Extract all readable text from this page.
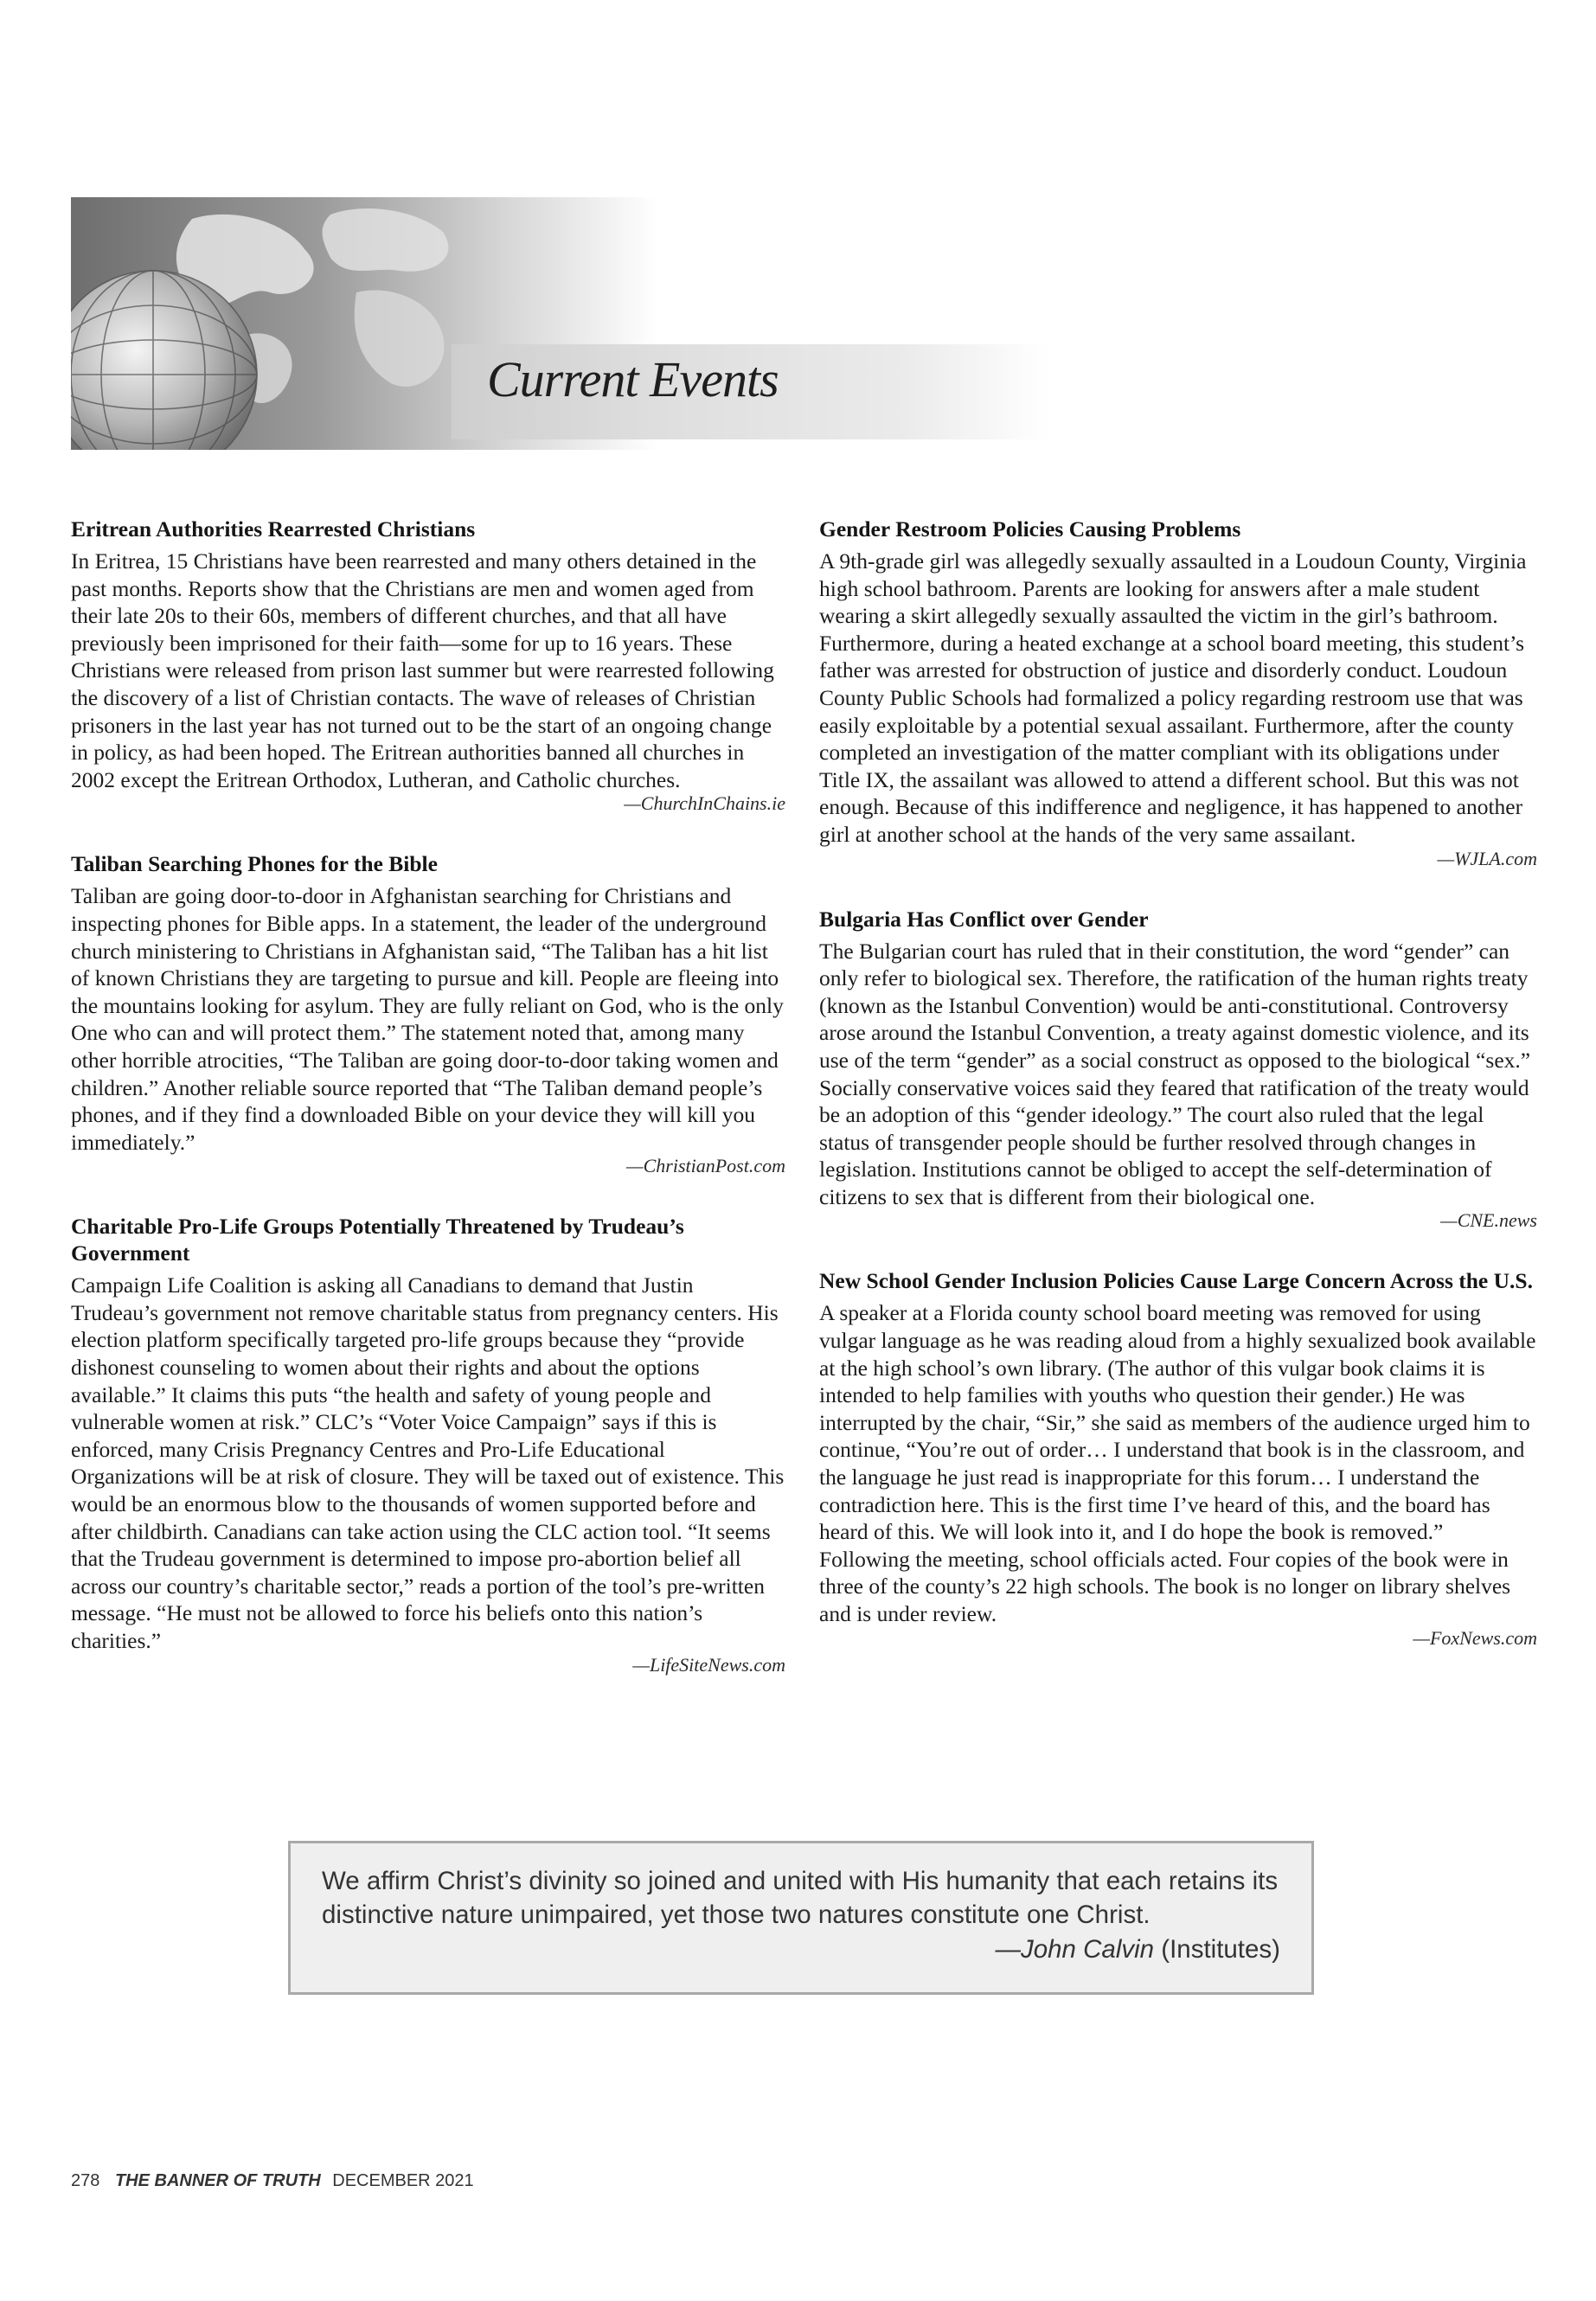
Current Events
Eritrean Authorities Rearrested Christians

In Eritrea, 15 Christians have been rearrested and many others detained in the past months. Reports show that the Christians are men and women aged from their late 20s to their 60s, members of different churches, and that all have previously been imprisoned for their faith—some for up to 16 years. These Christians were released from prison last summer but were rearrested following the discovery of a list of Christian contacts. The wave of releases of Christian prisoners in the last year has not turned out to be the start of an ongoing change in policy, as had been hoped. The Eritrean authorities banned all churches in 2002 except the Eritrean Orthodox, Lutheran, and Catholic churches.

—ChurchInChains.ie
Taliban Searching Phones for the Bible

Taliban are going door-to-door in Afghanistan searching for Christians and inspecting phones for Bible apps. In a statement, the leader of the underground church ministering to Christians in Afghanistan said, “The Taliban has a hit list of known Christians they are targeting to pursue and kill. People are fleeing into the mountains looking for asylum. They are fully reliant on God, who is the only One who can and will protect them.” The statement noted that, among many other horrible atrocities, “The Taliban are going door-to-door taking women and children.” Another reliable source reported that “The Taliban demand people’s phones, and if they find a downloaded Bible on your device they will kill you immediately.”

—ChristianPost.com
Charitable Pro-Life Groups Potentially Threatened by Trudeau’s Government

Campaign Life Coalition is asking all Canadians to demand that Justin Trudeau’s government not remove charitable status from pregnancy centers. His election platform specifically targeted pro-life groups because they “provide dishonest counseling to women about their rights and about the options available.” It claims this puts “the health and safety of young people and vulnerable women at risk.” CLC’s “Voter Voice Campaign” says if this is enforced, many Crisis Pregnancy Centres and Pro-Life Educational Organizations will be at risk of closure. They will be taxed out of existence. This would be an enormous blow to the thousands of women supported before and after childbirth. Canadians can take action using the CLC action tool. “It seems that the Trudeau government is determined to impose pro-abortion belief all across our country’s charitable sector,” reads a portion of the tool’s pre-written message. “He must not be allowed to force his beliefs onto this nation’s charities.”

—LifeSiteNews.com
Gender Restroom Policies Causing Problems

A 9th-grade girl was allegedly sexually assaulted in a Loudoun County, Virginia high school bathroom. Parents are looking for answers after a male student wearing a skirt allegedly sexually assaulted the victim in the girl’s bathroom. Furthermore, during a heated exchange at a school board meeting, this student’s father was arrested for obstruction of justice and disorderly conduct. Loudoun County Public Schools had formalized a policy regarding restroom use that was easily exploitable by a potential sexual assailant. Furthermore, after the county completed an investigation of the matter compliant with its obligations under Title IX, the assailant was allowed to attend a different school. But this was not enough. Because of this indifference and negligence, it has happened to another girl at another school at the hands of the very same assailant.

—WJLA.com
Bulgaria Has Conflict over Gender

The Bulgarian court has ruled that in their constitution, the word “gender” can only refer to biological sex. Therefore, the ratification of the human rights treaty (known as the Istanbul Convention) would be anti-constitutional. Controversy arose around the Istanbul Convention, a treaty against domestic violence, and its use of the term “gender” as a social construct as opposed to the biological “sex.” Socially conservative voices said they feared that ratification of the treaty would be an adoption of this “gender ideology.” The court also ruled that the legal status of transgender people should be further resolved through changes in legislation. Institutions cannot be obliged to accept the self-determination of citizens to sex that is different from their biological one.

—CNE.news
New School Gender Inclusion Policies Cause Large Concern Across the U.S.

A speaker at a Florida county school board meeting was removed for using vulgar language as he was reading aloud from a highly sexualized book available at the high school’s own library. (The author of this vulgar book claims it is intended to help families with youths who question their gender.) He was interrupted by the chair, “Sir,” she said as members of the audience urged him to continue, “You’re out of order… I understand that book is in the classroom, and the language he just read is inappropriate for this forum… I understand the contradiction here. This is the first time I’ve heard of this, and the board has heard of this. We will look into it, and I do hope the book is removed.” Following the meeting, school officials acted. Four copies of the book were in three of the county’s 22 high schools. The book is no longer on library shelves and is under review.

—FoxNews.com
We affirm Christ’s divinity so joined and united with His humanity that each retains its distinctive nature unimpaired, yet those two natures constitute one Christ.
—John Calvin (Institutes)
278 THE BANNER OF TRUTH DECEMBER 2021
